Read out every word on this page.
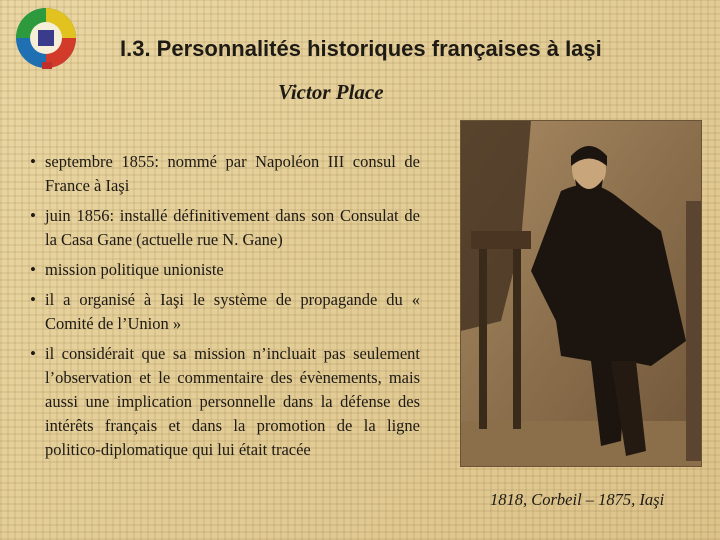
I.3. Personnalités historiques françaises à Iaşi
Victor Place
• septembre 1855: nommé par Napoléon III consul de France à Iaşi
• juin 1856: installé définitivement dans son Consulat de la Casa Gane (actuelle rue N. Gane)
• mission politique unioniste
• il a organisé à Iaşi le système de propagande du « Comité de l’Union »
• il considérait que sa mission n’incluait pas seulement l’observation et le commentaire des évènements, mais aussi une implication personnelle dans la défense des intérêts français et dans la promotion de la ligne politico-diplomatique qui lui était tracée

1818, Corbeil – 1875, Iaşi
